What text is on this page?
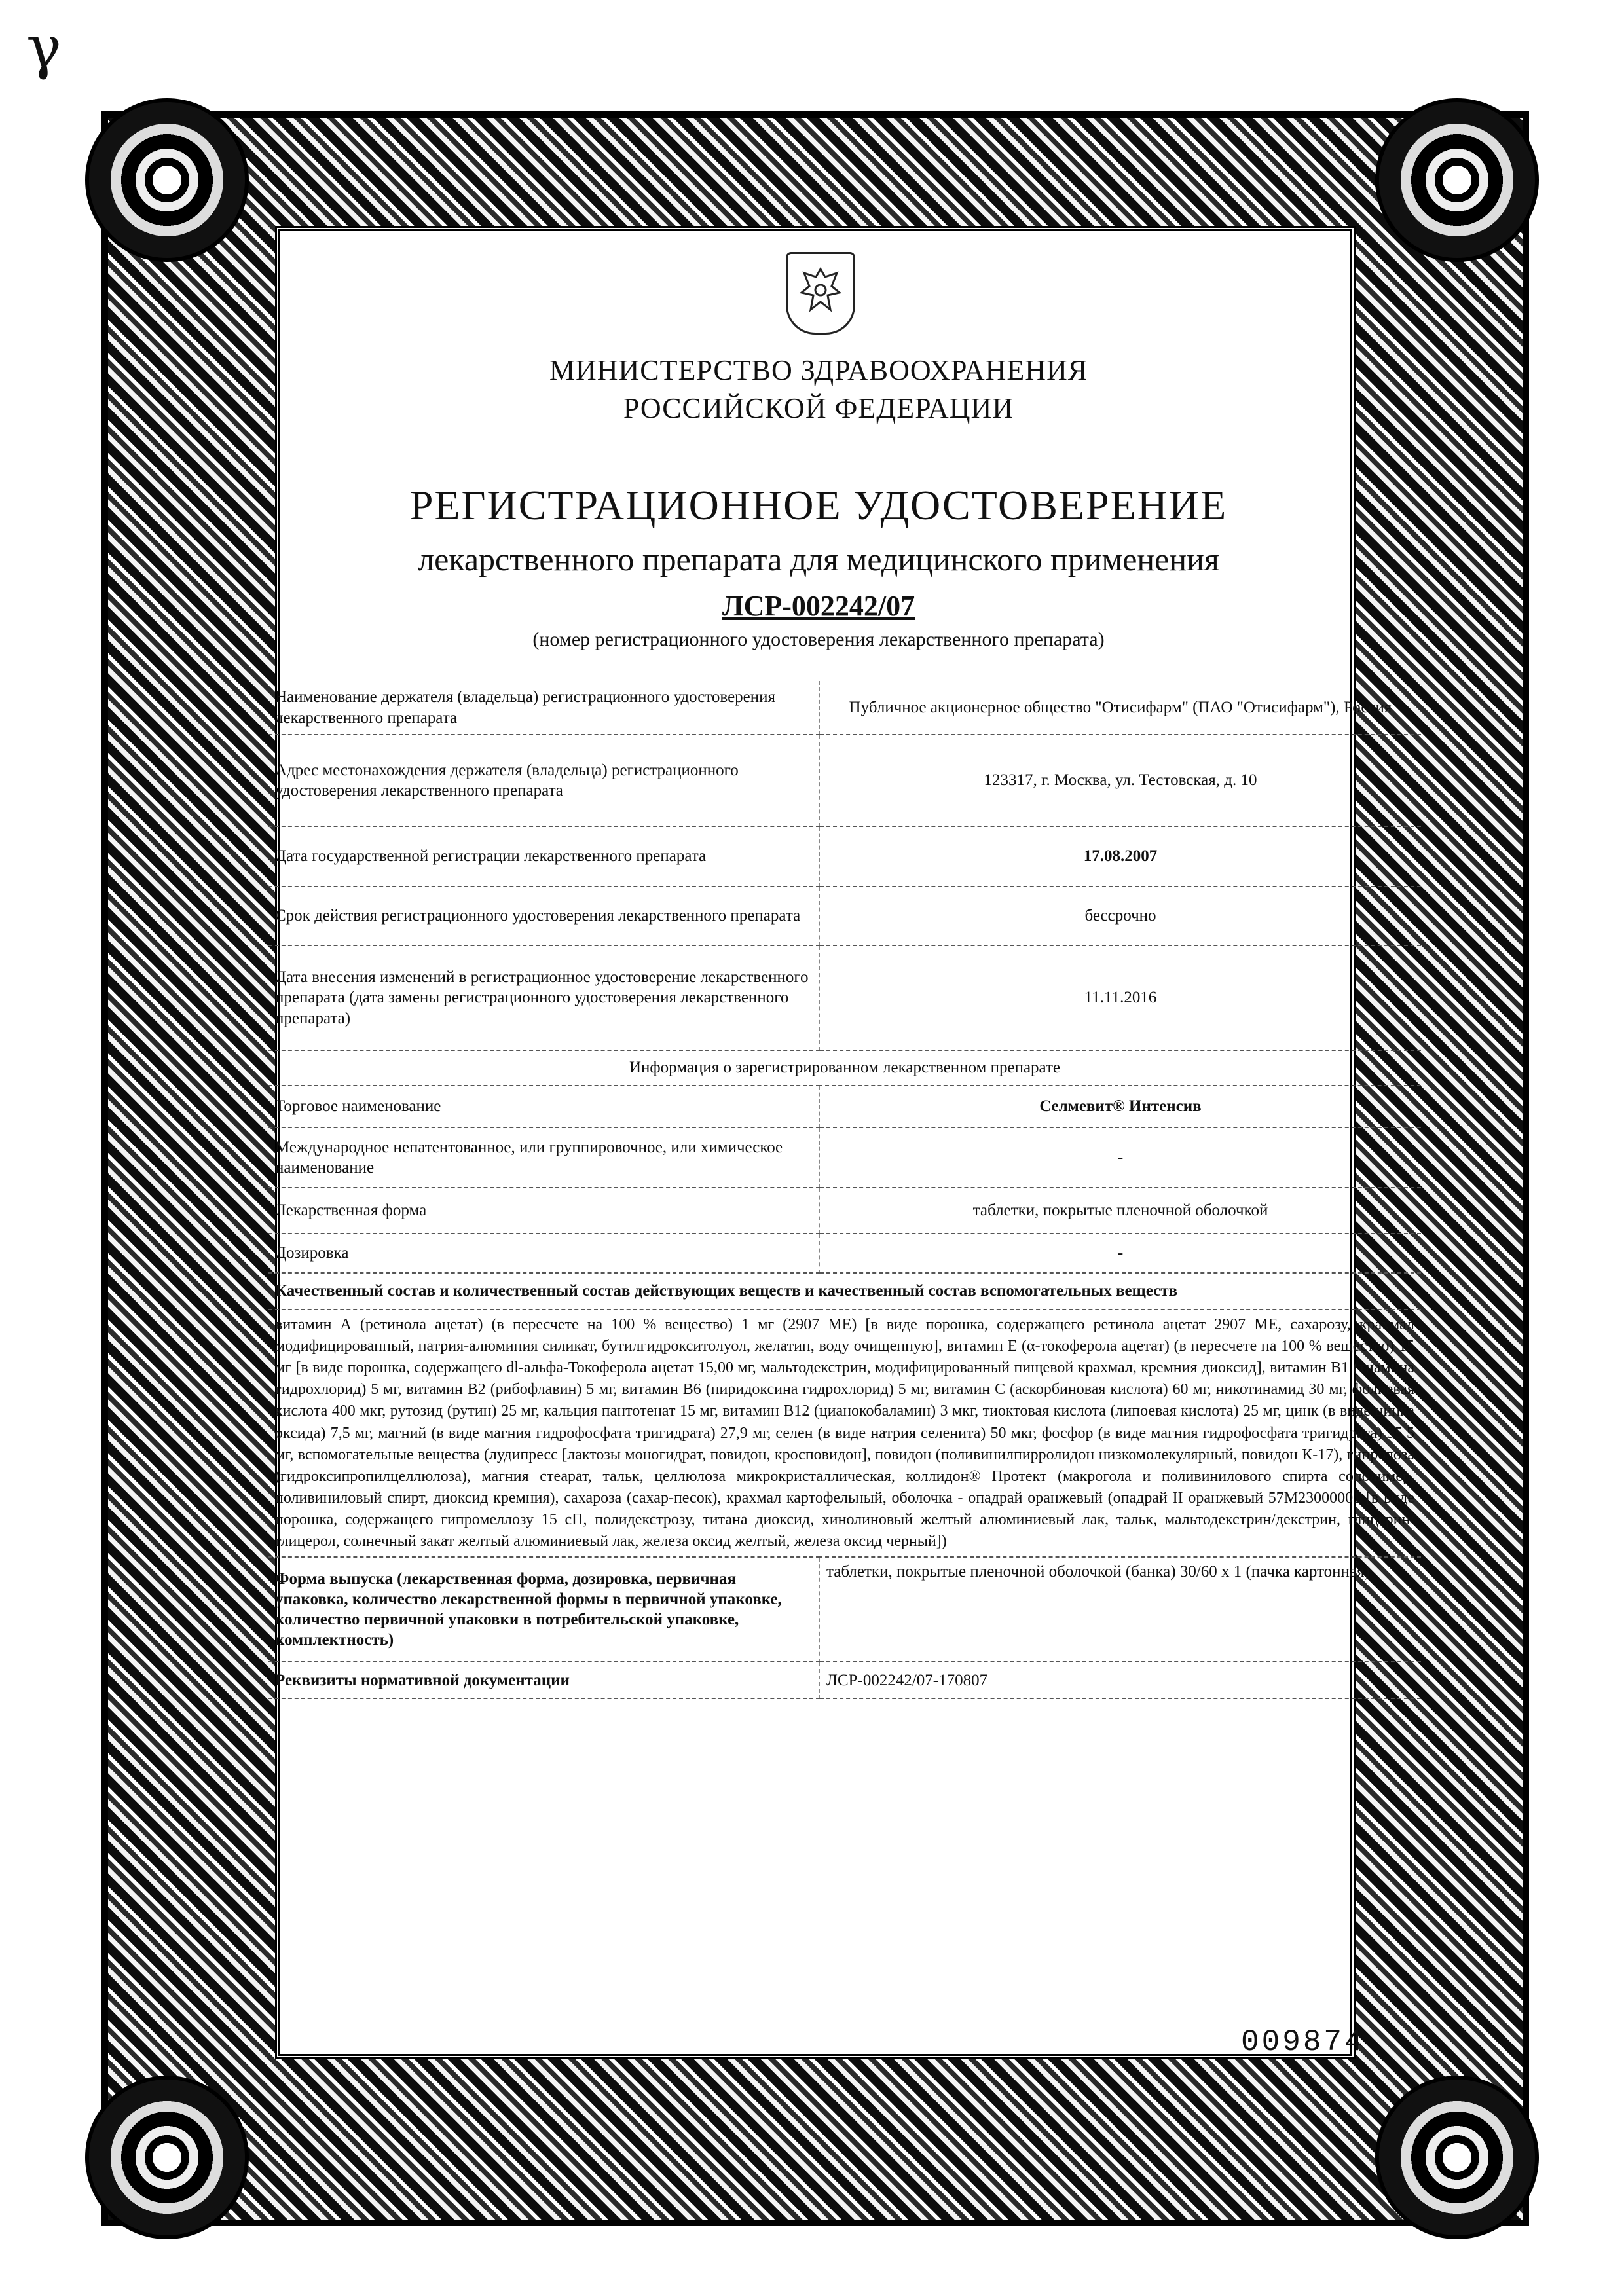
γ
МИНИСТЕРСТВО ЗДРАВООХРАНЕНИЯ
РОССИЙСКОЙ ФЕДЕРАЦИИ
РЕГИСТРАЦИОННОЕ УДОСТОВЕРЕНИЕ
лекарственного препарата для медицинского применения
ЛСР-002242/07
(номер регистрационного удостоверения лекарственного препарата)
Наименование держателя (владельца) регистрационного удостоверения лекарственного препарата	Публичное акционерное общество "Отисифарм" (ПАО "Отисифарм"), Россия
Адрес местонахождения держателя (владельца) регистрационного удостоверения лекарственного препарата	123317, г. Москва, ул. Тестовская, д. 10
Дата государственной регистрации лекарственного препарата	17.08.2007
Срок действия регистрационного удостоверения лекарственного препарата	бессрочно
Дата внесения изменений в регистрационное удостоверение лекарственного препарата (дата замены регистрационного удостоверения лекарственного препарата)	11.11.2016
Информация о зарегистрированном лекарственном препарате	
Торговое наименование	Селмевит® Интенсив
Международное непатентованное, или группировочное, или химическое наименование	-
Лекарственная форма	таблетки, покрытые пленочной оболочкой
Дозировка	-
Качественный состав и количественный состав действующих веществ и качественный состав вспомогательных веществ	
витамин А (ретинола ацетат) (в пересчете на 100 % вещество) 1 мг (2907 МЕ) [в виде порошка, содержащего ретинола ацетат 2907 МЕ, сахарозу, крахмал модифицированный, натрия-алюминия силикат, бутилгидрокситолуол, желатин, воду очищенную], витамин Е (α-токоферола ацетат) (в пересчете на 100 % вещество) 15 мг [в виде порошка, содержащего dl-альфа-Токоферола ацетат 15,00 мг, мальтодекстрин, модифицированный пищевой крахмал, кремния диоксид], витамин В1 (тиамина гидрохлорид) 5 мг, витамин В2 (рибофлавин) 5 мг, витамин В6 (пиридоксина гидрохлорид) 5 мг, витамин С (аскорбиновая кислота) 60 мг, никотинамид 30 мг, фолиевая кислота 400 мкг, рутозид (рутин) 25 мг, кальция пантотенат 15 мг, витамин В12 (цианокобаламин) 3 мкг, тиоктовая кислота (липоевая кислота) 25 мг, цинк (в виде цинка оксида) 7,5 мг, магний (в виде магния гидрофосфата тригидрата) 27,9 мг, селен (в виде натрия селенита) 50 мкг, фосфор (в виде магния гидрофосфата тригидрата) 35,5 мг, вспомогательные вещества (лудипресс [лактозы моногидрат, повидон, кросповидон], повидон (поливинилпирролидон низкомолекулярный, повидон К-17), гипролоза (гидроксипропилцеллюлоза), магния стеарат, тальк, целлюлоза микрокристаллическая, коллидон® Протект (макрогола и поливинилового спирта сополимер, поливиниловый спирт, диоксид кремния), сахароза (сахар-песок), крахмал картофельный, оболочка - опадрай оранжевый (опадрай II оранжевый 57М23000001 [в виде порошка, содержащего гипромеллозу 15 сП, полидекстрозу, титана диоксид, хинолиновый желтый алюминиевый лак, тальк, мальтодекстрин/декстрин, глицерин/глицерол, солнечный закат желтый алюминиевый лак, железа оксид желтый, железа оксид черный])	
Форма выпуска (лекарственная форма, дозировка, первичная упаковка, количество лекарственной формы в первичной упаковке, количество первичной упаковки в потребительской упаковке, комплектность)	таблетки, покрытые пленочной оболочкой (банка) 30/60 х 1 (пачка картонная)
Реквизиты нормативной документации	ЛСР-002242/07-170807
009874
